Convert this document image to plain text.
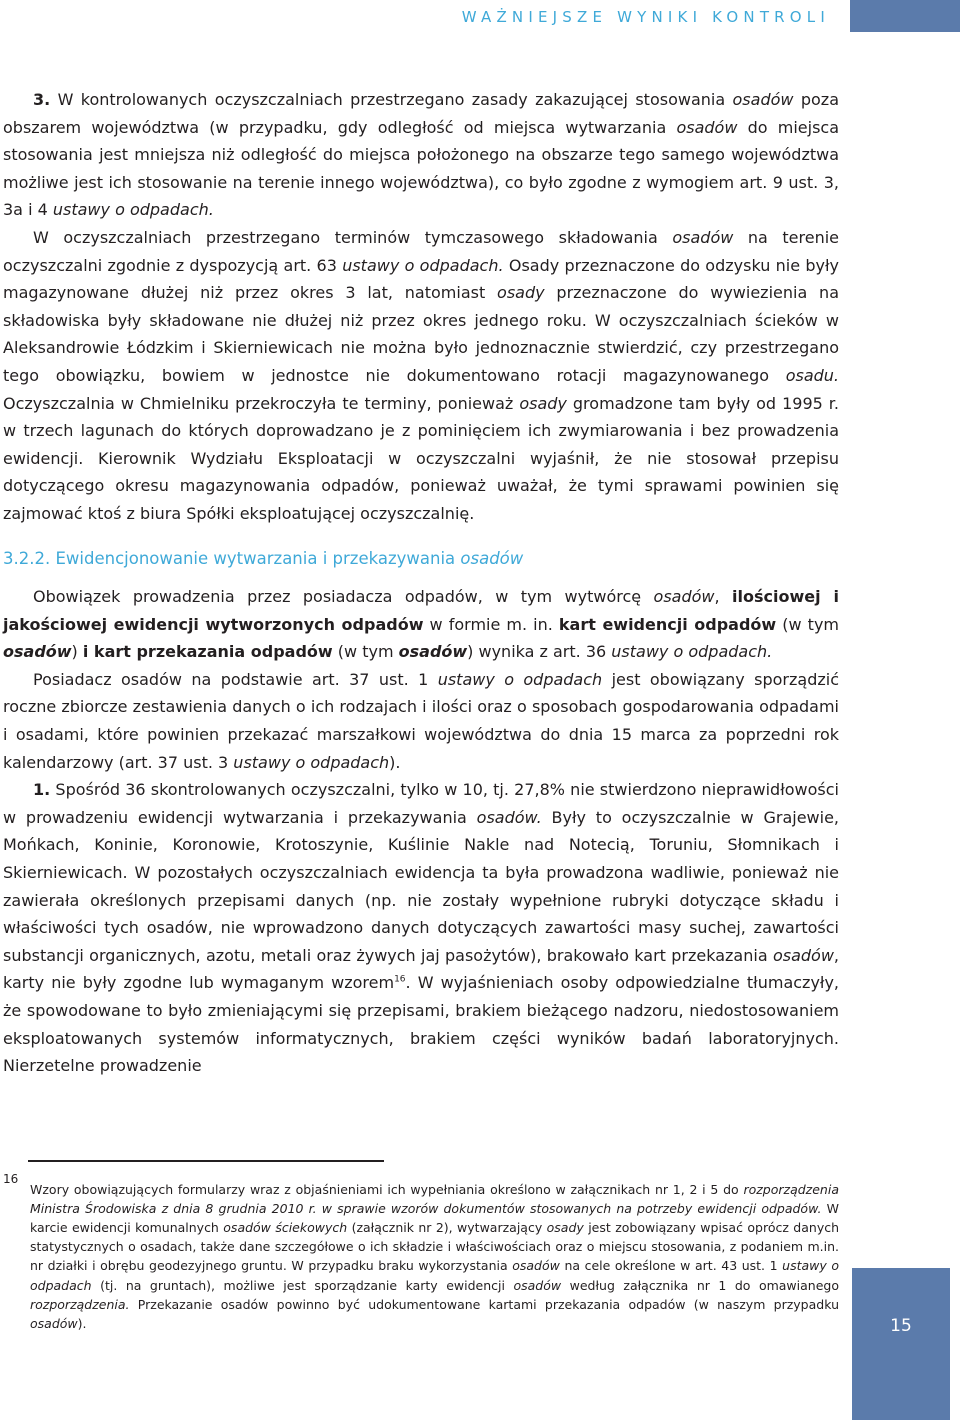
WAŻNIEJSZE WYNIKI KONTROLI

3. W kontrolowanych oczyszczalniach przestrzegano zasady zakazującej stosowania osadów poza obszarem województwa (w przypadku, gdy odległość od miejsca wytwarzania osadów do miejsca stosowania jest mniejsza niż odległość do miejsca położonego na obszarze tego samego województwa możliwe jest ich stosowanie na terenie innego województwa), co było zgodne z wymogiem art. 9 ust. 3, 3a i 4 ustawy o odpadach.

W oczyszczalniach przestrzegano terminów tymczasowego składowania osadów na terenie oczyszczalni zgodnie z dyspozycją art. 63 ustawy o odpadach. Osady przeznaczone do odzysku nie były magazynowane dłużej niż przez okres 3 lat, natomiast osady przeznaczone do wywiezienia na składowiska były składowane nie dłużej niż przez okres jednego roku. W oczyszczalniach ścieków w Aleksandrowie Łódzkim i Skierniewicach nie można było jednoznacznie stwierdzić, czy przestrzegano tego obowiązku, bowiem w jednostce nie dokumentowano rotacji magazynowanego osadu. Oczyszczalnia w Chmielniku przekroczyła te terminy, ponieważ osady gromadzone tam były od 1995 r. w trzech lagunach do których doprowadzano je z pominięciem ich zwymiarowania i bez prowadzenia ewidencji. Kierownik Wydziału Eksploatacji w oczyszczalni wyjaśnił, że nie stosował przepisu dotyczącego okresu magazynowania odpadów, ponieważ uważał, że tymi sprawami powinien się zajmować ktoś z biura Spółki eksploatującej oczyszczalnię.

3.2.2. Ewidencjonowanie wytwarzania i przekazywania osadów

Obowiązek prowadzenia przez posiadacza odpadów, w tym wytwórcę osadów, ilościowej i jakościowej ewidencji wytworzonych odpadów w formie m. in. kart ewidencji odpadów (w tym osadów) i kart przekazania odpadów (w tym osadów) wynika z art. 36 ustawy o odpadach.

Posiadacz osadów na podstawie art. 37 ust. 1 ustawy o odpadach jest obowiązany sporządzić roczne zbiorcze zestawienia danych o ich rodzajach i ilości oraz o sposobach gospodarowania odpadami i osadami, które powinien przekazać marszałkowi województwa do dnia 15 marca za poprzedni rok kalendarzowy (art. 37 ust. 3 ustawy o odpadach).

1. Spośród 36 skontrolowanych oczyszczalni, tylko w 10, tj. 27,8% nie stwierdzono nieprawidłowości w prowadzeniu ewidencji wytwarzania i przekazywania osadów. Były to oczyszczalnie w Grajewie, Mońkach, Koninie, Koronowie, Krotoszynie, Kuślinie Nakle nad Notecią, Toruniu, Słomnikach i Skierniewicach. W pozostałych oczyszczalniach ewidencja ta była prowadzona wadliwie, ponieważ nie zawierała określonych przepisami danych (np. nie zostały wypełnione rubryki dotyczące składu i właściwości tych osadów, nie wprowadzono danych dotyczących zawartości masy suchej, zawartości substancji organicznych, azotu, metali oraz żywych jaj pasożytów), brakowało kart przekazania osadów, karty nie były zgodne lub wymaganym wzorem$^{16}$. W wyjaśnieniach osoby odpowiedzialne tłumaczyły, że spowodowane to było zmieniającymi się przepisami, brakiem bieżącego nadzoru, niedostosowaniem eksploatowanych systemów informatycznych, brakiem części wyników badań laboratoryjnych. Nierzetelne prowadzenie

16

Wzory obowiązujących formularzy wraz z objaśnieniami ich wypełniania określono w załącznikach nr 1, 2 i 5 do rozporządzenia Ministra Środowiska z dnia 8 grudnia 2010 r. w sprawie wzorów dokumentów stosowanych na potrzeby ewidencji odpadów. W karcie ewidencji komunalnych osadów ściekowych (załącznik nr 2), wytwarzający osady jest zobowiązany wpisać oprócz danych statystycznych o osadach, także dane szczegółowe o ich składzie i właściwościach oraz o miejscu stosowania, z podaniem m.in. nr działki i obrębu geodezyjnego gruntu. W przypadku braku wykorzystania osadów na cele określone w art. 43 ust. 1 ustawy o odpadach (tj. na gruntach), możliwe jest sporządzanie karty ewidencji osadów według załącznika nr 1 do omawianego rozporządzenia. Przekazanie osadów powinno być udokumentowane kartami przekazania odpadów (w naszym przypadku osadów).	15
